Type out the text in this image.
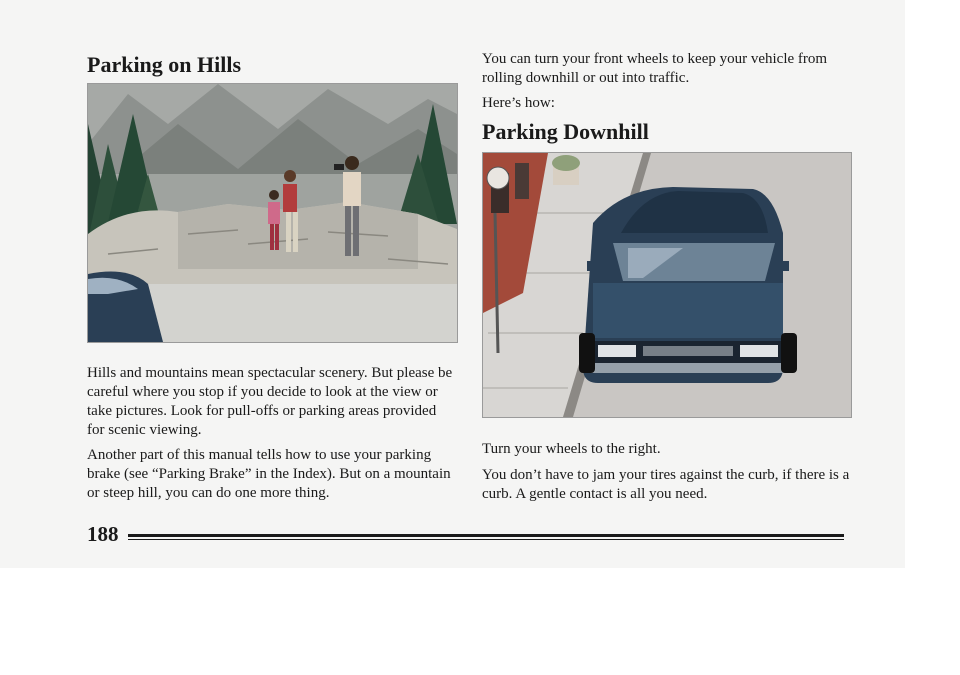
Parking on Hills

Hills and mountains mean spectacular scenery. But please be careful where you stop if you decide to look at the view or take pictures. Look for pull-offs or parking areas provided for scenic viewing.

Another part of this manual tells how to use your parking brake (see “Parking Brake” in the Index). But on a mountain or steep hill, you can do one more thing.

You can turn your front wheels to keep your vehicle from rolling downhill or out into traffic.

Here’s how:

Parking Downhill

Turn your wheels to the right.

You don’t have to jam your tires against the curb, if there is a curb. A gentle contact is all you need.

188
